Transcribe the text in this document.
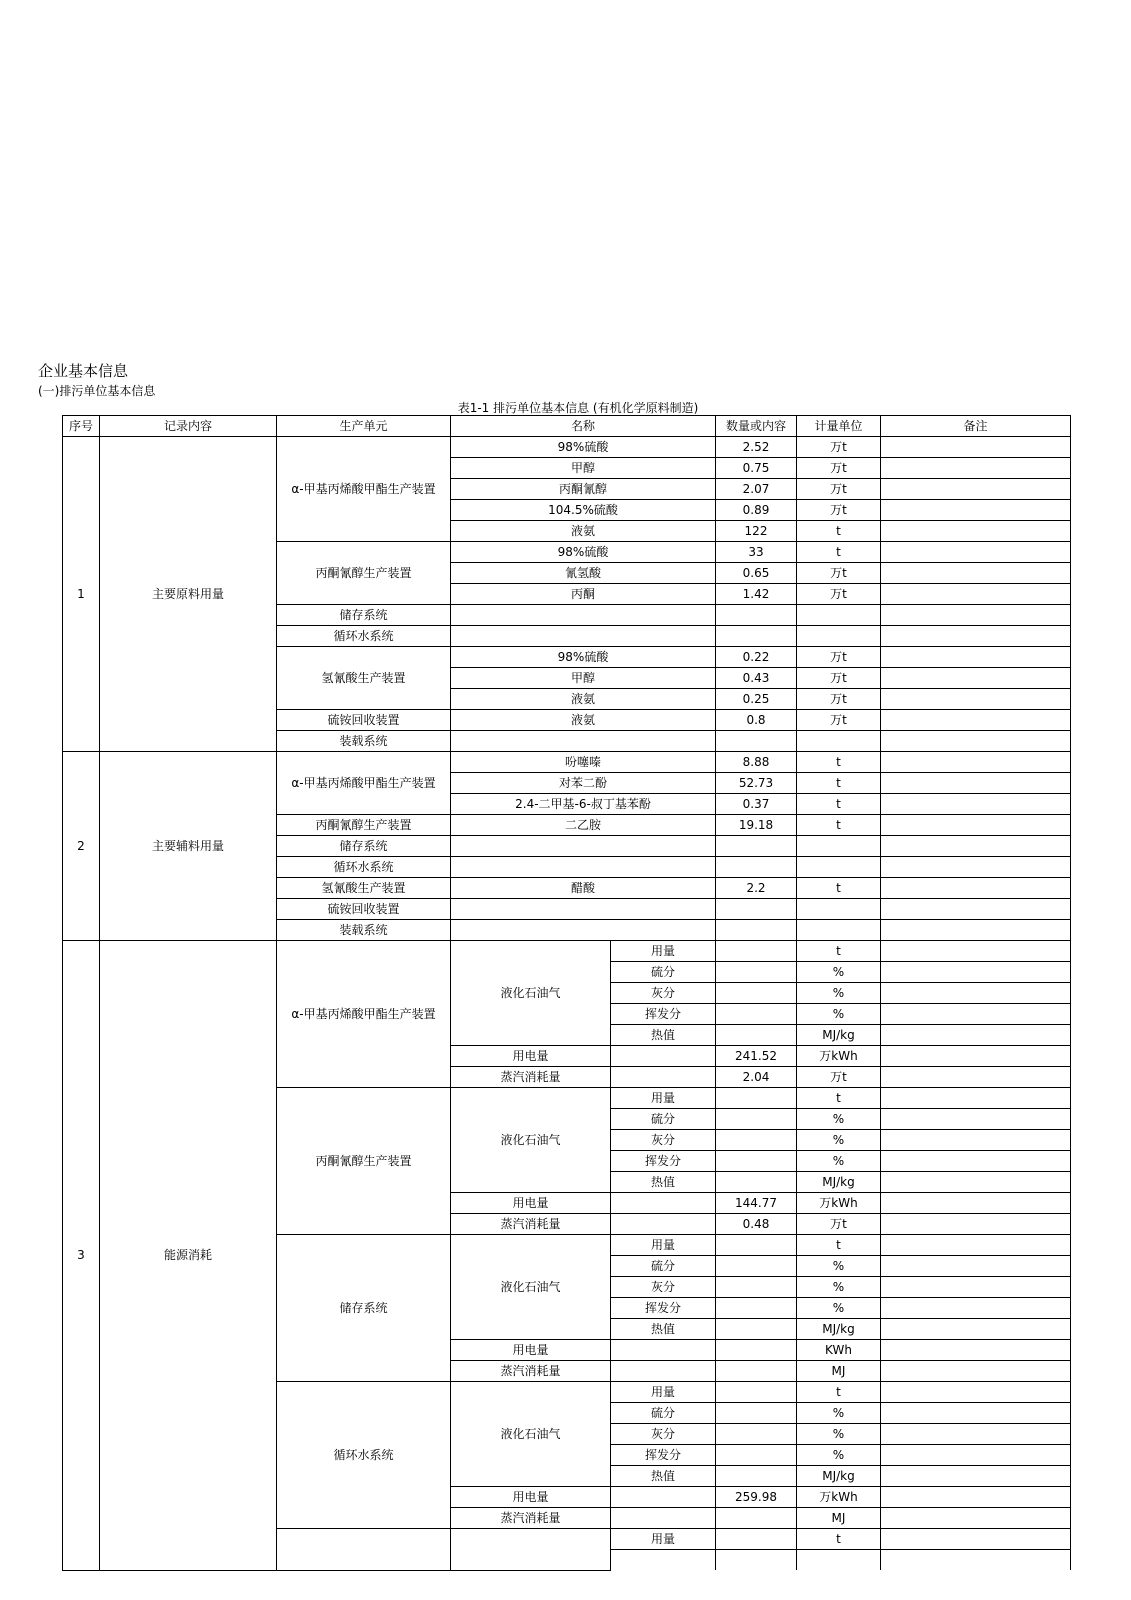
企业基本信息
(一)排污单位基本信息
表1-1 排污单位基本信息 (有机化学原料制造)
序号	记录内容	生产单元	名称		数量或内容	计量单位	备注
1	主要原料用量	α-甲基丙烯酸甲酯生产装置	98%硫酸		2.52	万t	
			甲醇		0.75	万t	
			丙酮氰醇		2.07	万t	
			104.5%硫酸		0.89	万t	
			液氨		122	t	
		丙酮氰醇生产装置	98%硫酸		33	t	
			氰氢酸		0.65	万t	
			丙酮		1.42	万t	
		储存系统					
		循环水系统					
		氢氰酸生产装置	98%硫酸		0.22	万t	
			甲醇		0.43	万t	
			液氨		0.25	万t	
		硫铵回收装置	液氨		0.8	万t	
		装载系统					
2	主要辅料用量	α-甲基丙烯酸甲酯生产装置	吩噻嗪		8.88	t	
			对苯二酚		52.73	t	
			2.4-二甲基-6-叔丁基苯酚		0.37	t	
		丙酮氰醇生产装置	二乙胺		19.18	t	
		储存系统					
		循环水系统					
		氢氰酸生产装置	醋酸		2.2	t	
		硫铵回收装置					
		装载系统					
3	能源消耗	α-甲基丙烯酸甲酯生产装置	液化石油气	用量		t	
				硫分		%	
				灰分		%	
				挥发分		%	
				热值		MJ/kg	
			用电量		241.52	万kWh	
			蒸汽消耗量		2.04	万t	
		丙酮氰醇生产装置	液化石油气	用量		t	
				硫分		%	
				灰分		%	
				挥发分		%	
				热值		MJ/kg	
			用电量		144.77	万kWh	
			蒸汽消耗量		0.48	万t	
		储存系统	液化石油气	用量		t	
				硫分		%	
				灰分		%	
				挥发分		%	
				热值		MJ/kg	
			用电量			KWh	
			蒸汽消耗量			MJ	
		循环水系统	液化石油气	用量		t	
				硫分		%	
				灰分		%	
				挥发分		%	
				热值		MJ/kg	
			用电量		259.98	万kWh	
			蒸汽消耗量			MJ	
				用量		t	
